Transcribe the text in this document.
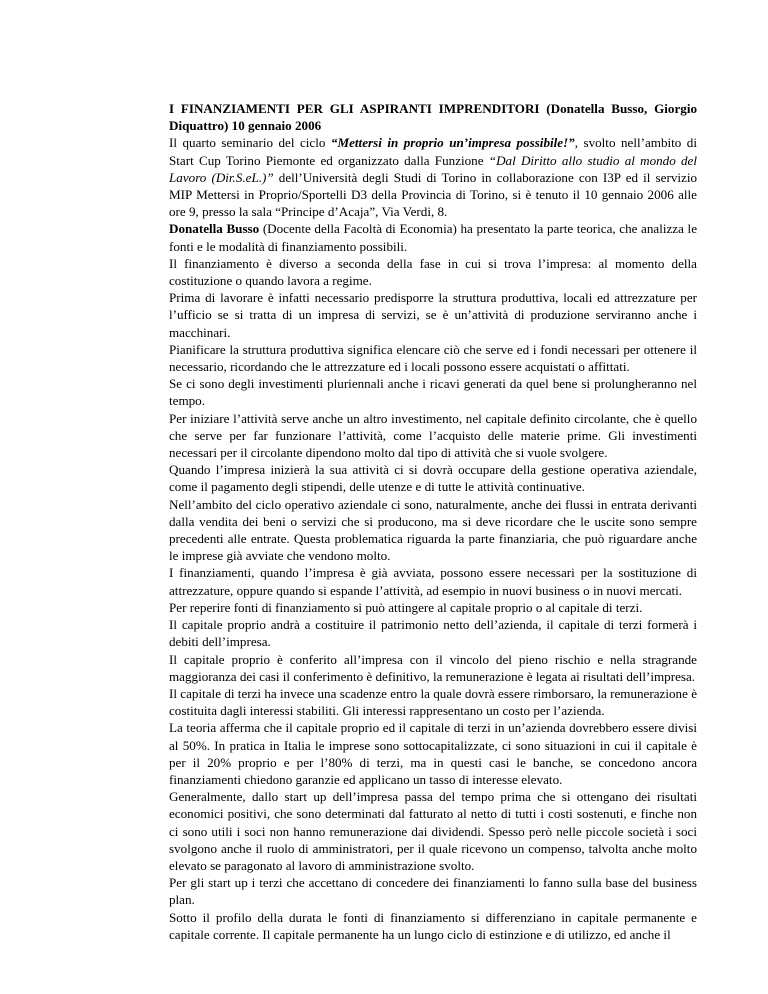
I FINANZIAMENTI PER GLI ASPIRANTI IMPRENDITORI (Donatella Busso, Giorgio Diquattro) 10 gennaio 2006

Il quarto seminario del ciclo “Mettersi in proprio un’impresa possibile!”, svolto nell’ambito di Start Cup Torino Piemonte ed organizzato dalla Funzione “Dal Diritto allo studio al mondo del Lavoro (Dir.S.eL.)” dell’Università degli Studi di Torino in collaborazione con I3P ed il servizio MIP Mettersi in Proprio/Sportelli D3 della Provincia di Torino, si è tenuto il 10 gennaio 2006 alle ore 9, presso la sala “Principe d’Acaja”, Via Verdi, 8.

Donatella Busso (Docente della Facoltà di Economia) ha presentato la parte teorica, che analizza le fonti e le modalità di finanziamento possibili.

Il finanziamento è diverso a seconda della fase in cui si trova l’impresa: al momento della costituzione o quando lavora a regime.

Prima di lavorare è infatti necessario predisporre la struttura produttiva, locali ed attrezzature per l’ufficio se si tratta di un impresa di servizi, se è un’attività di produzione serviranno anche i macchinari.

Pianificare la struttura produttiva significa elencare ciò che serve ed i fondi necessari per ottenere il necessario, ricordando che le attrezzature ed i locali possono essere acquistati o affittati.

Se ci sono degli investimenti pluriennali anche i ricavi generati da quel bene si prolungheranno nel tempo.

Per iniziare l’attività serve anche un altro investimento, nel capitale definito circolante, che è quello che serve per far funzionare l’attività, come l’acquisto delle materie prime. Gli investimenti necessari per il circolante dipendono molto dal tipo di attività che si vuole svolgere.

Quando l’impresa inizierà la sua attività ci si dovrà occupare della gestione operativa aziendale, come il pagamento degli stipendi, delle utenze e di tutte le attività continuative.

Nell’ambito del ciclo operativo aziendale ci sono, naturalmente, anche dei flussi in entrata derivanti dalla vendita dei beni o servizi che si producono, ma si deve ricordare che le uscite sono sempre precedenti alle entrate. Questa problematica riguarda la parte finanziaria, che può riguardare anche le imprese già avviate che vendono molto.

I finanziamenti, quando l’impresa è già avviata, possono essere necessari per la sostituzione di attrezzature, oppure quando si espande l’attività, ad esempio in nuovi business o in nuovi mercati.

Per reperire fonti di finanziamento si può attingere al capitale proprio o al capitale di terzi.

Il capitale proprio andrà a costituire il patrimonio netto dell’azienda, il capitale di terzi formerà i debiti dell’impresa.

Il capitale proprio è conferito all’impresa con il vincolo del pieno rischio e nella stragrande maggioranza dei casi il conferimento è definitivo, la remunerazione è legata ai risultati dell’impresa.

Il capitale di terzi ha invece una scadenze entro la quale dovrà essere rimborsaro, la remunerazione è costituita dagli interessi stabiliti. Gli interessi rappresentano un costo per l’azienda.

La teoria afferma che il capitale proprio ed il capitale di terzi in un’azienda dovrebbero essere divisi al 50%. In pratica in Italia le imprese sono sottocapitalizzate, ci sono situazioni in cui il capitale è per il 20% proprio e per l’80% di terzi, ma in questi casi le banche, se concedono ancora finanziamenti chiedono garanzie ed applicano un tasso di interesse elevato.

Generalmente, dallo start up dell’impresa passa del tempo prima che si ottengano dei risultati economici positivi, che sono determinati dal fatturato al netto di tutti i costi sostenuti, e finche non ci sono utili i soci non hanno remunerazione dai dividendi. Spesso però nelle piccole società i soci svolgono anche il ruolo di amministratori, per il quale ricevono un compenso, talvolta anche molto elevato se paragonato al lavoro di amministrazione svolto.

Per gli start up i terzi che accettano di concedere dei finanziamenti lo fanno sulla base del business plan.

Sotto il profilo della durata le fonti di finanziamento si differenziano in capitale permanente e capitale corrente. Il capitale permanente ha un lungo ciclo di estinzione e di utilizzo, ed anche il
